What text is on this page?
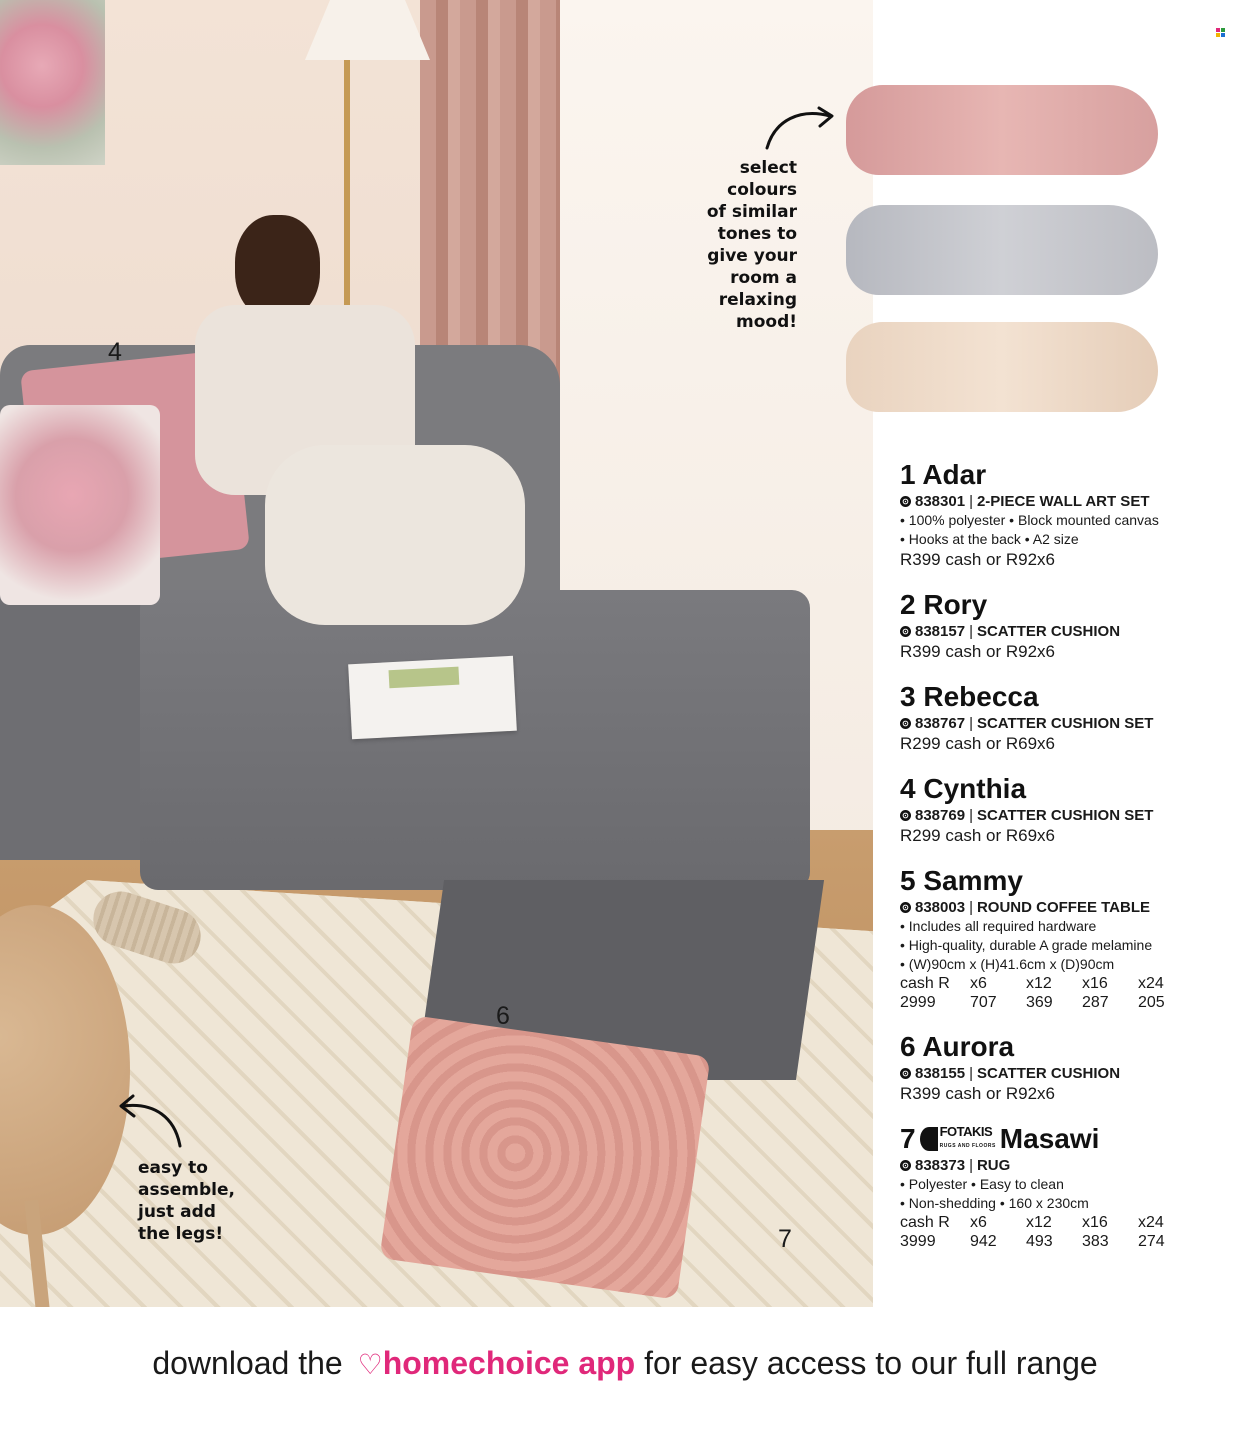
4
6
7
select
colours
of similar
tones to
give your
room a
relaxing
mood!
easy to
assemble,
just add
the legs!
1 Adar
⊙ 838301 | 2-PIECE WALL ART SET
• 100% polyester • Block mounted canvas
• Hooks at the back • A2 size
R399 cash or R92x6
2 Rory
⊙ 838157 | SCATTER CUSHION
R399 cash or R92x6
3 Rebecca
⊙ 838767 | SCATTER CUSHION SET
R299 cash or R69x6
4 Cynthia
⊙ 838769 | SCATTER CUSHION SET
R299 cash or R69x6
5 Sammy
⊙ 838003 | ROUND COFFEE TABLE
• Includes all required hardware
• High-quality, durable A grade melamine
• (W)90cm x (H)41.6cm x (D)90cm
cash R	x6	x12	x16	x24
2999	707	369	287	205
6 Aurora
⊙ 838155 | SCATTER CUSHION
R399 cash or R92x6
7 FOTAKIS
RUGS AND FLOORS Masawi
⊙ 838373 | RUG
• Polyester • Easy to clean
• Non-shedding • 160 x 230cm
cash R	x6	x12	x16	x24
3999	942	493	383	274
download the ♡homechoice app for easy access to our full range
